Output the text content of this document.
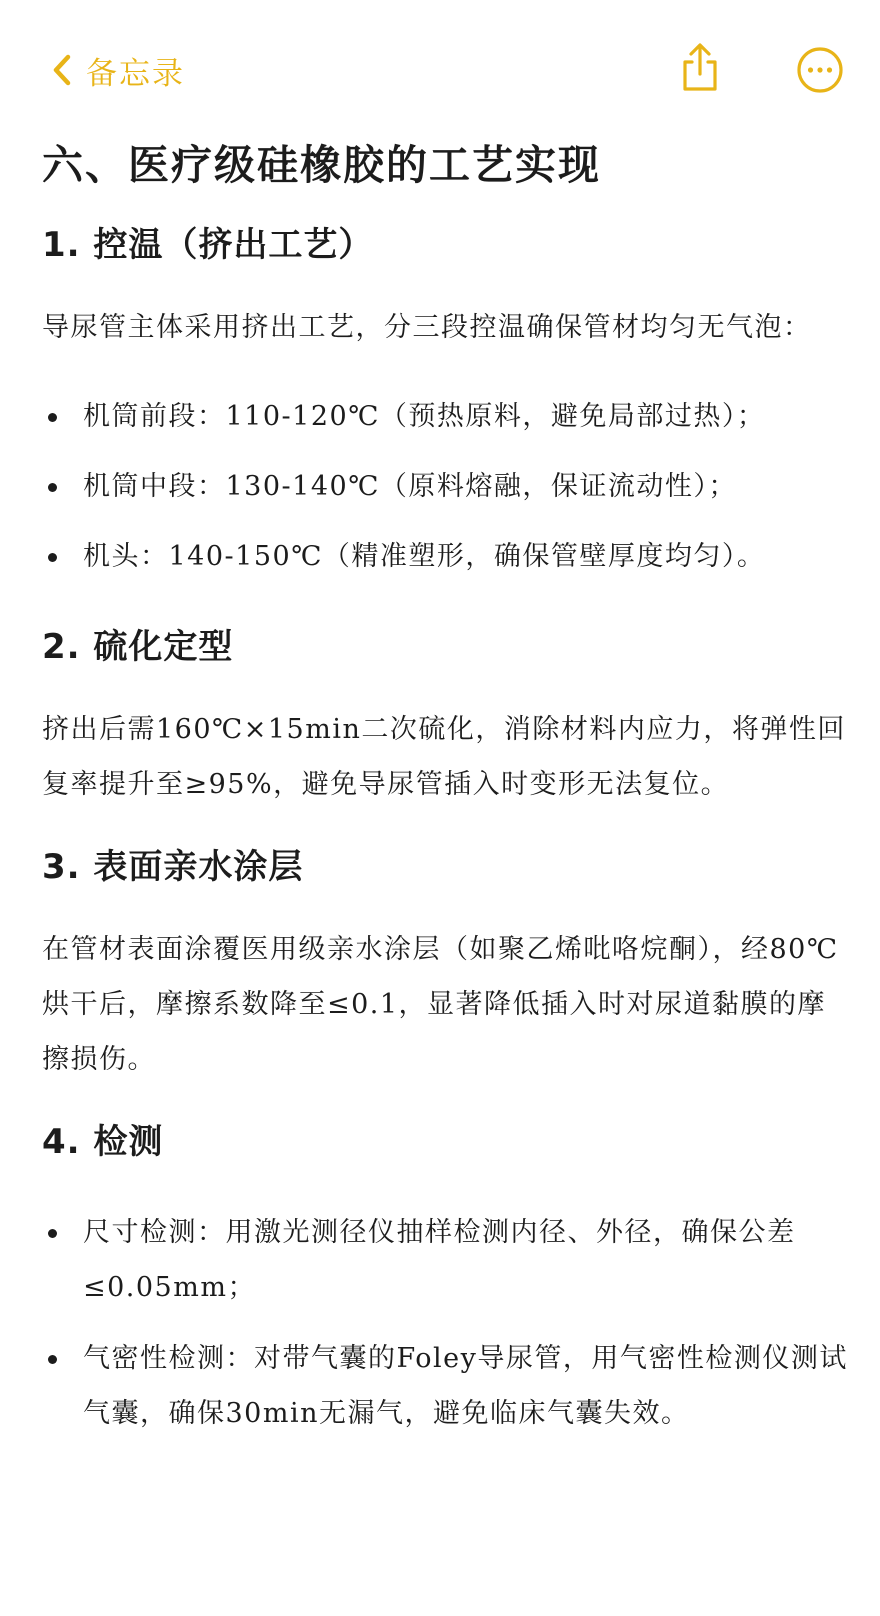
备忘录
六、医疗级硅橡胶的工艺实现
1. 控温（挤出工艺）

导尿管主体采用挤出工艺，分三段控温确保管材均匀无气泡：

机筒前段：110-120℃（预热原料，避免局部过热）；
机筒中段：130-140℃（原料熔融，保证流动性）；
机头：140-150℃（精准塑形，确保管壁厚度均匀）。
2. 硫化定型

挤出后需160℃×15min二次硫化，消除材料内应力，将弹性回复率提升至≥95%，避免导尿管插入时变形无法复位。

3. 表面亲水涂层

在管材表面涂覆医用级亲水涂层（如聚乙烯吡咯烷酮），经80℃烘干后，摩擦系数降至≤0.1，显著降低插入时对尿道黏膜的摩擦损伤。

4. 检测
尺寸检测：用激光测径仪抽样检测内径、外径，确保公差≤0.05mm；
气密性检测：对带气囊的Foley导尿管，用气密性检测仪测试气囊，确保30min无漏气，避免临床气囊失效。
